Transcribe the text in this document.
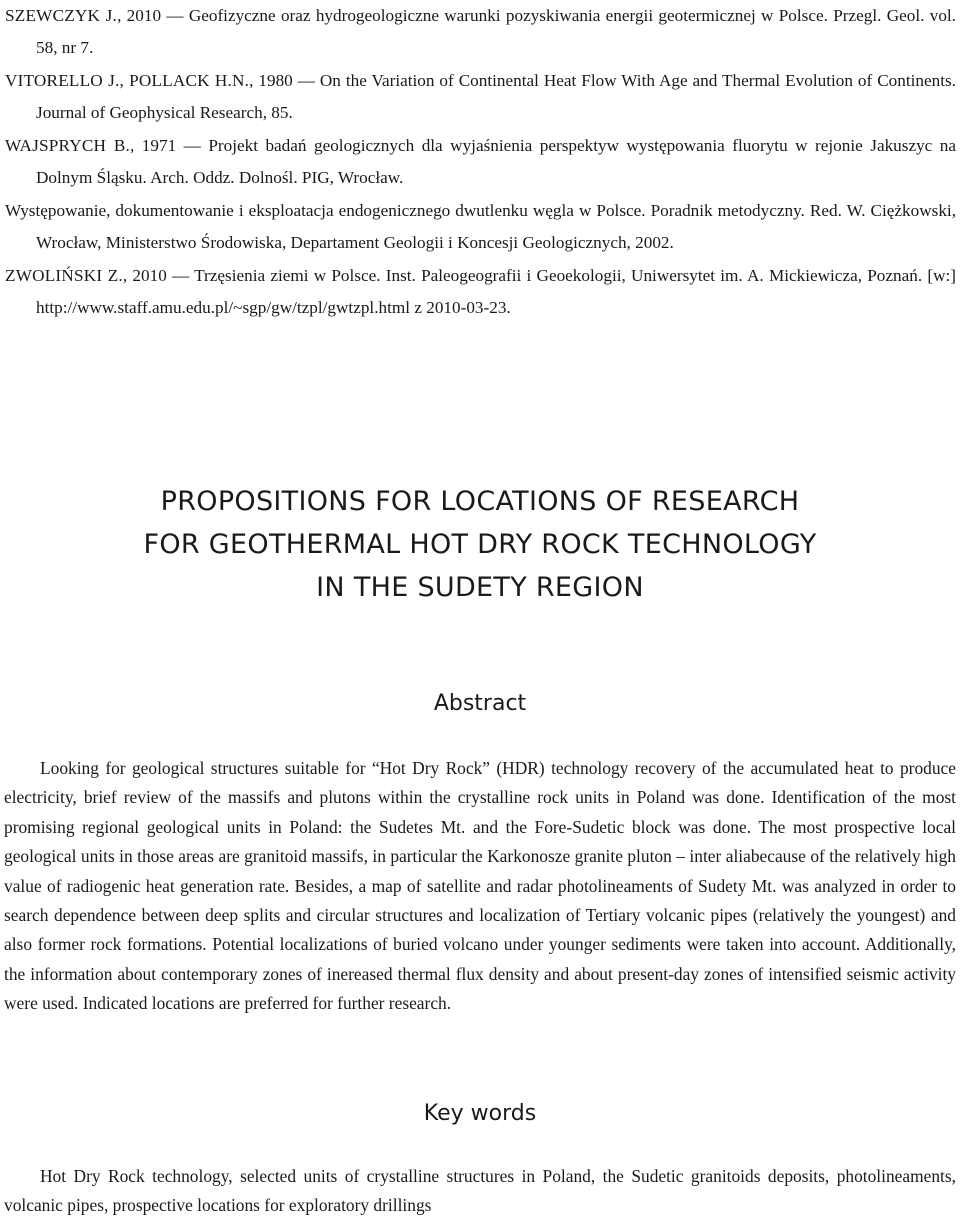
SZEWCZYK J., 2010 — Geofizyczne oraz hydrogeologiczne warunki pozyskiwania energii geotermicznej w Polsce. Przegl. Geol. vol. 58, nr 7.

VITORELLO J., POLLACK H.N., 1980 — On the Variation of Continental Heat Flow With Age and Thermal Evolution of Continents. Journal of Geophysical Research, 85.

WAJSPRYCH B., 1971 — Projekt badań geologicznych dla wyjaśnienia perspektyw występowania fluorytu w rejonie Jakuszyc na Dolnym Śląsku. Arch. Oddz. Dolnośl. PIG, Wrocław.

Występowanie, dokumentowanie i eksploatacja endogenicznego dwutlenku węgla w Polsce. Poradnik metodyczny. Red. W. Ciężkowski, Wrocław, Ministerstwo Środowiska, Departament Geologii i Koncesji Geologicznych, 2002.

ZWOLIŃSKI Z., 2010 — Trzęsienia ziemi w Polsce. Inst. Paleogeografii i Geoekologii, Uniwersytet im. A. Mickiewicza, Poznań. [w:] http://www.staff.amu.edu.pl/~sgp/gw/tzpl/gwtzpl.html z 2010-03-23.

PROPOSITIONS FOR LOCATIONS OF RESEARCH
FOR GEOTHERMAL HOT DRY ROCK TECHNOLOGY
IN THE SUDETY REGION
Abstract

Looking for geological structures suitable for “Hot Dry Rock” (HDR) technology recovery of the accumulated heat to produce electricity, brief review of the massifs and plutons within the crystalline rock units in Poland was done. Identification of the most promising regional geological units in Poland: the Sudetes Mt. and the Fore-Sudetic block was done. The most prospective local geological units in those areas are granitoid massifs, in particular the Karkonosze granite pluton – inter aliabecause of the relatively high value of radiogenic heat generation rate. Besides, a map of satellite and radar photolineaments of Sudety Mt. was analyzed in order to search dependence between deep splits and circular structures and localization of Tertiary volcanic pipes (relatively the youngest) and also former rock formations. Potential localizations of buried volcano under younger sediments were taken into account. Additionally, the information about contemporary zones of inereased thermal flux density and about present-day zones of intensified seismic activity were used. Indicated locations are preferred for further research.

Key words

Hot Dry Rock technology, selected units of crystalline structures in Poland, the Sudetic granitoids deposits, photolineaments, volcanic pipes, prospective locations for exploratory drillings
